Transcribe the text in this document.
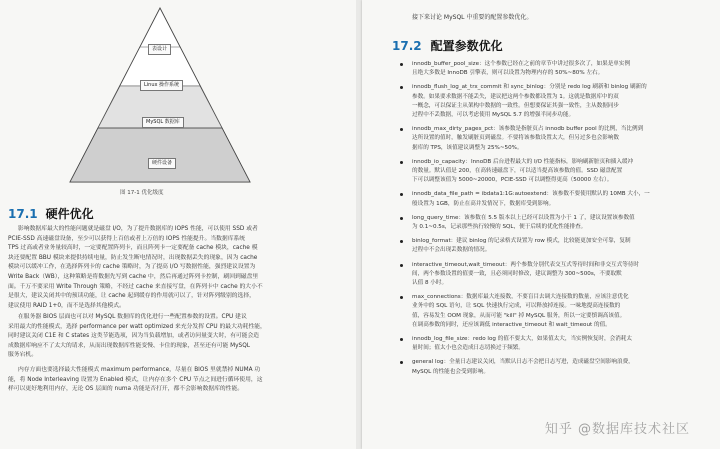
表设计
Linux 操作系统
MySQL 数据库
硬件设备
图 17-1 优化级度
17.1 硬件优化
影响数据库最大的性能问题就是磁盘 I/O，为了提升数据库的 IOPS 性能，可以使用 SSD 或者
PCIE-SSD 高速磁盘设备，至少可以获得上百倍或者上万倍的 IOPS 性能提升。当数据库系统
TPS 过高或者业务量较高时，一定要配置阵列卡，而且阵列卡一定要配备 cache 模块，cache 模
块还要配置 BBU 模块来提供持续电量，防止发生断电情况时，出现数据丢失的现象，因为 cache
模块可以缓冲工作，在选择阵列卡的 cache 策略时，为了提高 I/O 写数据性能，强烈建议设置为
Write Back（WB），这种策略是将数据先写到 cache 中，然后再通过阵列卡控制，刷回到磁盘里
面。千万不要采用 Write Through 策略，不经过 cache 来直接写盘，在阵列卡中 cache 的大小不
是很大，建议关闭其中的预读功能，让 cache 起到缓存的作用就可以了，针对阵列级别的选择，
建议使用 RAID 1+0，而不是选择其他模式。
在服务器 BIOS 层面也可以对 MySQL 数据库的优化进行一些配置参数的设置。CPU 建议
采用最大的性能模式，选择 performance per watt optimized 来充分发挥 CPU 的最大功耗性能，
同时建议关闭 C1E 和 C states 这类节能选项，因为当负载增加，或者访问量变大时，有可能会造
成数据库响应不了太大的请求，从而出现数据库性能变慢、卡住的现象，甚至还有可能 MySQL
服务宕机。
内存方面也要选择最大性能模式 maximum performance，尽量在 BIOS 里就禁掉 NUMA 功
能，将 Node Interleaving 设置为 Enabled 模式，让内存在多个 CPU 节点之间进行循环使用，这
样可以更好地利用内存，无论 OS 层面的 numa 功能是否打开，都不会影响数据库的性能。
接下来讨论 MySQL 中重要的配置参数优化。
17.2 配置参数优化
innodb_buffer_pool_size：这个参数已经在之前的章节中讲过很多次了，如果是单实例
且绝大多数是 InnoDB 引擎表，则可以设置为物理内存的 50%~80% 左右。
innodb_flush_log_at_trx_commit 和 sync_binlog：分别是 redo log 刷新和 binlog 刷新的
参数。如果要求数据不能丢失，建议把这两个参数都设置为 1。这就是数据库中的双
一概念，可以保证主从架构中数据的一致性。但想要保证其强一致性，主从数据同步
过程中不丢数据，可以考虑使用 MySQL 5.7 的增强半同步功能。
innodb_max_dirty_pages_pct：该参数是指脏页占 innodb buffer pool 的比例，当比例到
达所设置的值时，触发刷脏页到磁盘。不要将该参数设置太大，但另过多也会影响数
据库的 TPS，该值建议调整为 25%~50%。
innodb_io_capacity：InnoDB 后台进程最大的 I/O 性能指标，影响刷新脏页和插入缓冲
的数量。默认值是 200，在高转速磁盘下，可以适当提高该参数的值。SSD 磁盘配置
下可以调整该值为 5000~20000，PCIE-SSD 可以调整得更高（50000 左右）。
innodb_data_file_path = ibdata1:1G:autoextend：该参数不要使用默认的 10MB 大小，一
般设置为 1GB，防止在高并发情况下，数据库受到影响。
long_query_time：该参数在 5.5 版本以上已经可以设置为小于 1 了，建议设置该参数值
为 0.1~0.5s，记录那些执行较慢的 SQL，便于后续的优化性能排查。
binlog_format：建议 binlog 的记录格式设置为 row 模式，比较能更加安全可靠，复制
过程中不会出现丢数据的情况。
interactive_timeout,wait_timeout：两个参数分别代表交互式等待时间和非交互式等待时
间，两个参数设置的值要一致，且必须同时修改，建议调整为 300~500s，不要取默
认值 8 小时。
max_connections：数据库最大连接数，不要盲目去调大连接数的数量，应该注意优化
业务中的 SQL 语句，让 SQL 快速执行完成，可以释放掉连接。一味地提高连接数的
值，容易发生 OOM 现象，从而可能 "kill" 掉 MySQL 服务，所以一定要慎调高该值。
在调高参数的同时，还应该调低 interactive_timeout 和 wait_timeout 的值。
innodb_log_file_size：redo log 的值不要太大，如果值太大，当实例恢复时，会消耗太
量时间；值太小也会造成日志切换过于频繁。
general log：全量日志建议关闭，当默认日志不会把日志写进，造成磁盘空间影响浪费，
MySQL 的性能也会受到影响。
知乎 @数据库技术社区
